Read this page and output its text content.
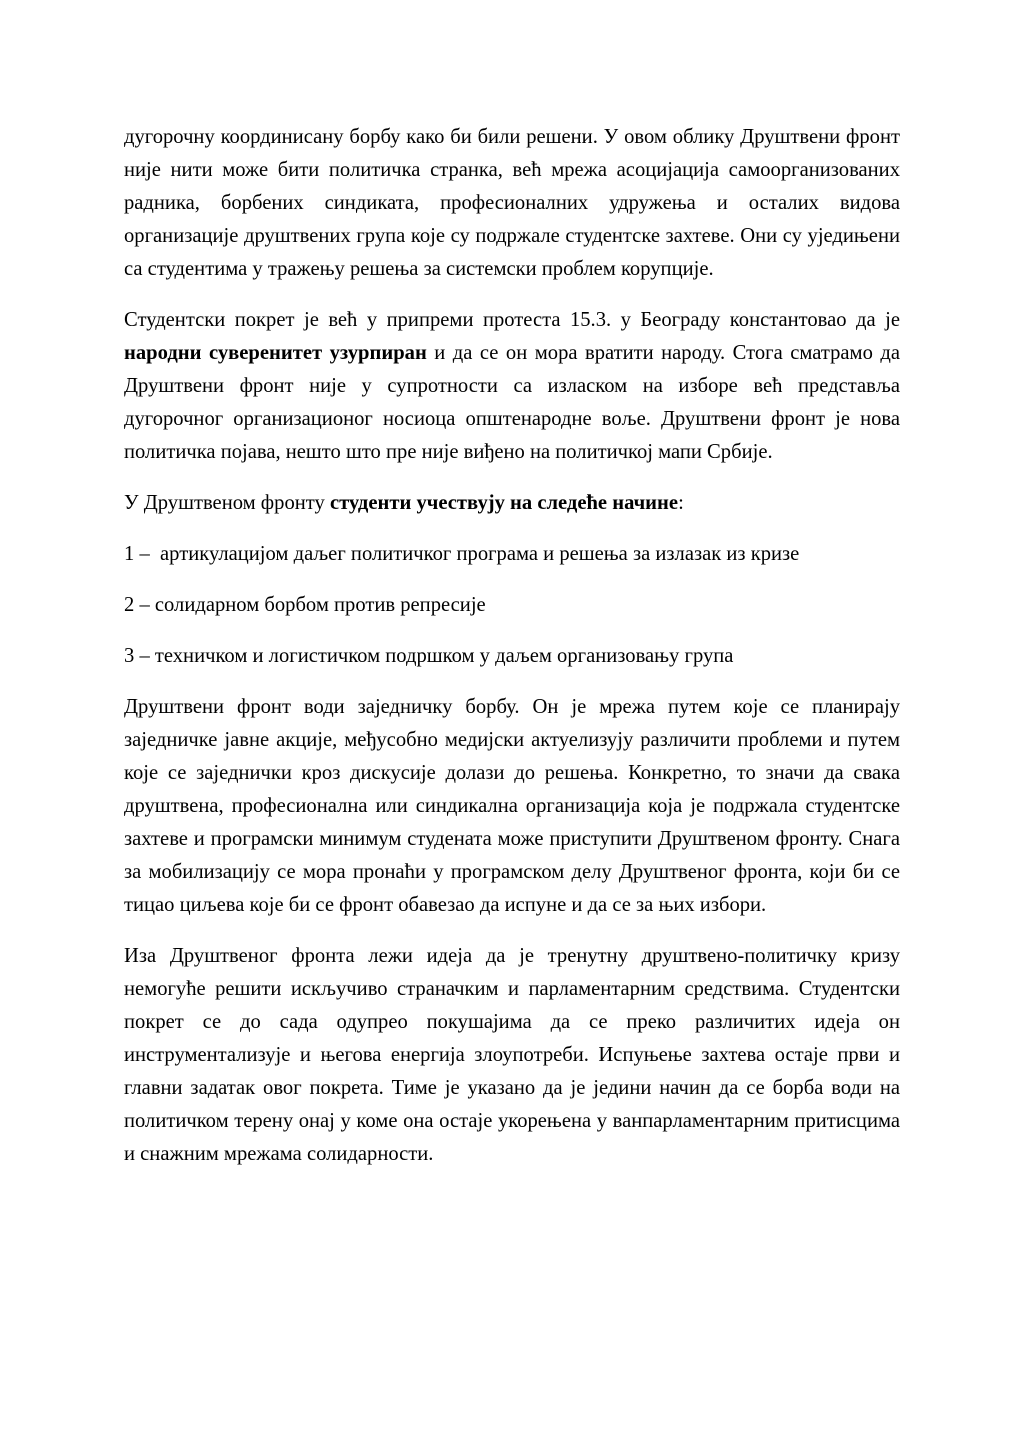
дугорочну координисану борбу како би били решени. У овом облику Друштвени фронт није нити може бити политичка странка, већ мрежа асоцијација самоорганизованих радника, борбених синдиката, професионалних удружења и осталих видова организације друштвених група које су подржале студентске захтеве. Они су уједињени са студентима у тражењу решења за системски проблем корупције.

Студентски покрет је већ у припреми протеста 15.3. у Београду константовао да је народни суверенитет узурпиран и да се он мора вратити народу. Стога сматрамо да Друштвени фронт није у супротности са изласком на изборе већ представља дугорочног организационог носиоца општенародне воље. Друштвени фронт је нова политичка појава, нешто што пре није виђено на политичкој мапи Србије.

У Друштвеном фронту студенти учествују на следеће начине:

1 –  артикулацијом даљег политичког програма и решења за излазак из кризе

2 – солидарном борбом против репресије

3 – техничком и логистичком подршком у даљем организовању група

Друштвени фронт води заједничку борбу. Он је мрежа путем које се планирају заједничке јавне акције, међусобно медијски актуелизују различити проблеми и путем које се заједнички кроз дискусије долази до решења. Конкретно, то значи да свака друштвена, професионална или синдикална организација која је подржала студентске захтеве и програмски минимум студената може приступити Друштвеном фронту. Снага за мобилизацију се мора пронаћи у програмском делу Друштвеног фронта, који би се тицао циљева које би се фронт обавезао да испуне и да се за њих избори.

Иза Друштвеног фронта лежи идеја да је тренутну друштвено-политичку кризу немогуће решити искључиво страначким и парламентарним средствима. Студентски покрет се до сада одупрео покушајима да се преко различитих идеја он инструментализује и његова енергија злоупотреби. Испуњење захтева остаје први и главни задатак овог покрета. Тиме је указано да је једини начин да се борба води на политичком терену онај у коме она остаје укорењена у ванпарламентарним притисцима и снажним мрежама солидарности.
